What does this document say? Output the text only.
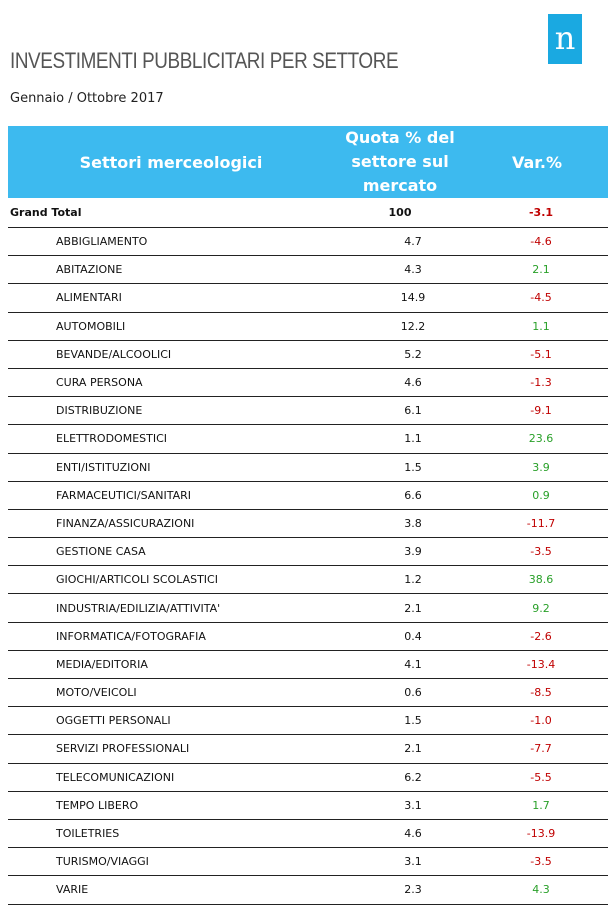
INVESTIMENTI PUBBLICITARI PER SETTORE
Gennaio / Ottobre 2017
n
Settori merceologici
Quota % del settore sul mercato
Var.%
Grand Total	100	-3.1
ABBIGLIAMENTO	4.7	-4.6
ABITAZIONE	4.3	2.1
ALIMENTARI	14.9	-4.5
AUTOMOBILI	12.2	1.1
BEVANDE/ALCOOLICI	5.2	-5.1
CURA PERSONA	4.6	-1.3
DISTRIBUZIONE	6.1	-9.1
ELETTRODOMESTICI	1.1	23.6
ENTI/ISTITUZIONI	1.5	3.9
FARMACEUTICI/SANITARI	6.6	0.9
FINANZA/ASSICURAZIONI	3.8	-11.7
GESTIONE CASA	3.9	-3.5
GIOCHI/ARTICOLI SCOLASTICI	1.2	38.6
INDUSTRIA/EDILIZIA/ATTIVITA'	2.1	9.2
INFORMATICA/FOTOGRAFIA	0.4	-2.6
MEDIA/EDITORIA	4.1	-13.4
MOTO/VEICOLI	0.6	-8.5
OGGETTI PERSONALI	1.5	-1.0
SERVIZI PROFESSIONALI	2.1	-7.7
TELECOMUNICAZIONI	6.2	-5.5
TEMPO LIBERO	3.1	1.7
TOILETRIES	4.6	-13.9
TURISMO/VIAGGI	3.1	-3.5
VARIE	2.3	4.3
